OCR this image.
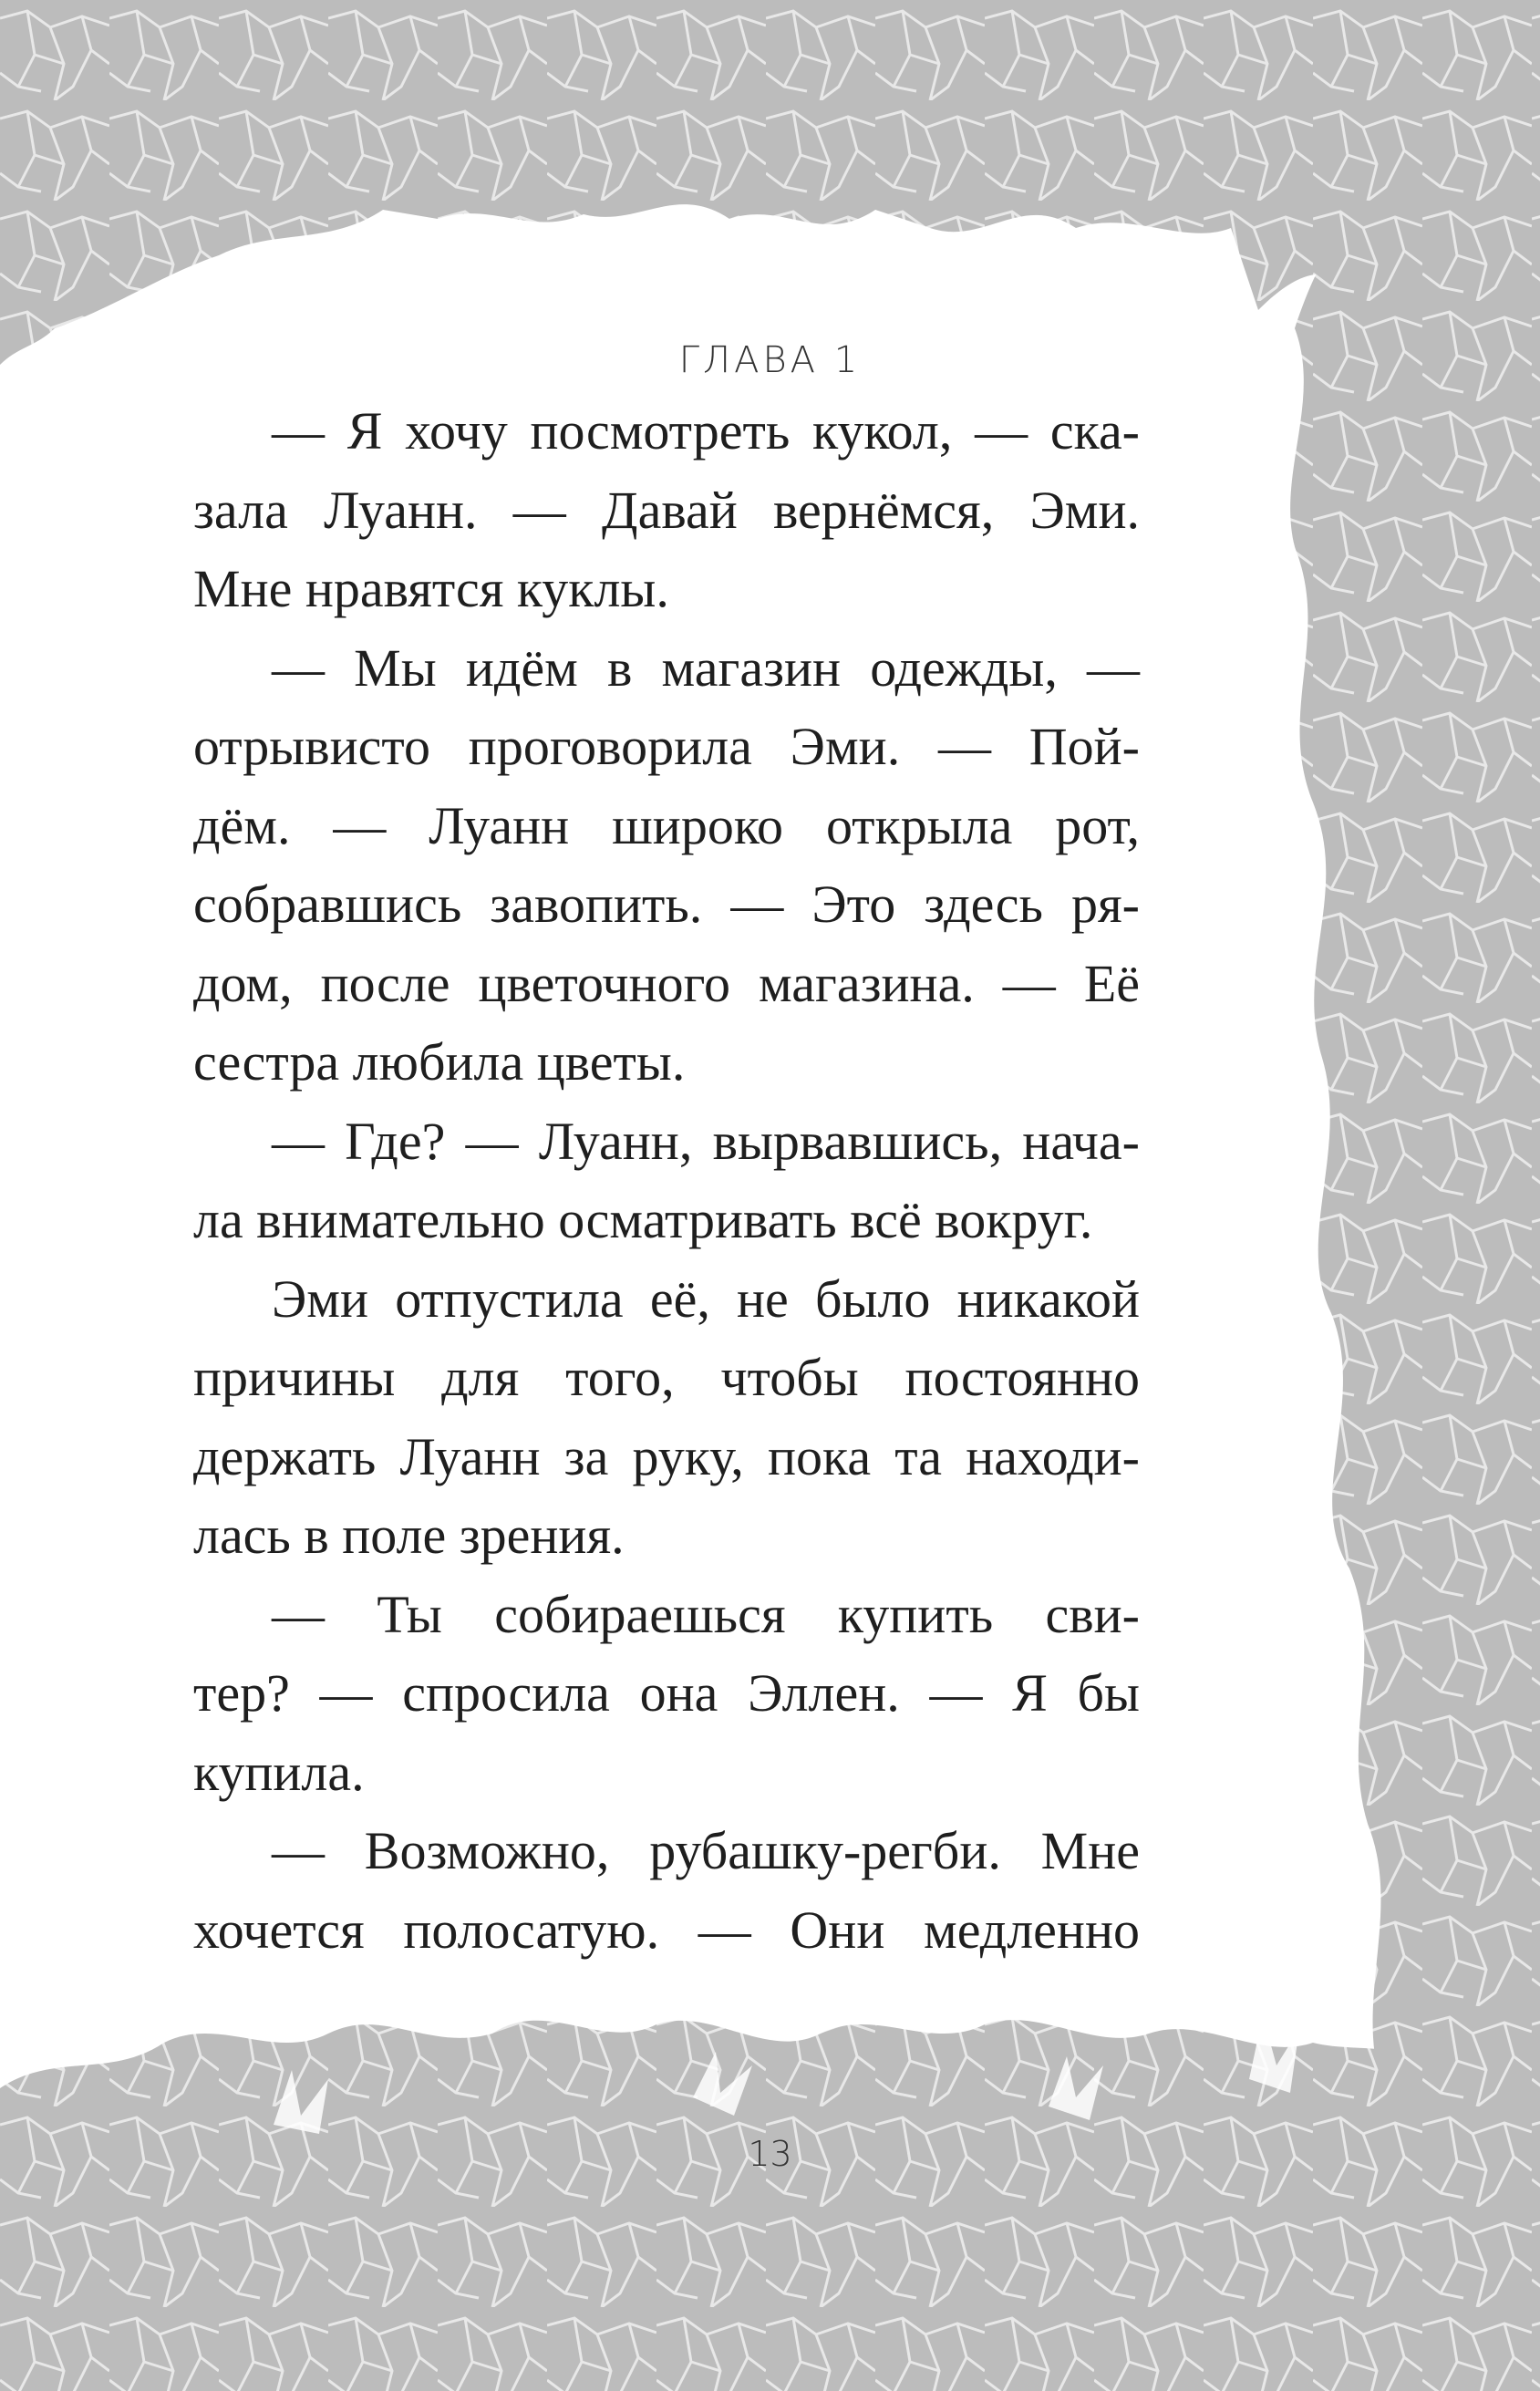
ГЛАВА 1
— Я хочу посмотреть кукол, — ска-
зала Луанн. — Давай вернёмся, Эми.
Мне нравятся куклы.
— Мы идём в магазин одежды, —
отрывисто проговорила Эми. — Пой-
дём. — Луанн широко открыла рот,
собравшись завопить. — Это здесь ря-
дом, после цветочного магазина. — Её
сестра любила цветы.
— Где? — Луанн, вырвавшись, нача-
ла внимательно осматривать всё вокруг.
Эми отпустила её, не было никакой
причины для того, чтобы постоянно
держать Луанн за руку, пока та находи-
лась в поле зрения.
— Ты собираешься купить сви-
тер? — спросила она Эллен. — Я бы
купила.
— Возможно, рубашку-регби. Мне
хочется полосатую. — Они медленно
13
